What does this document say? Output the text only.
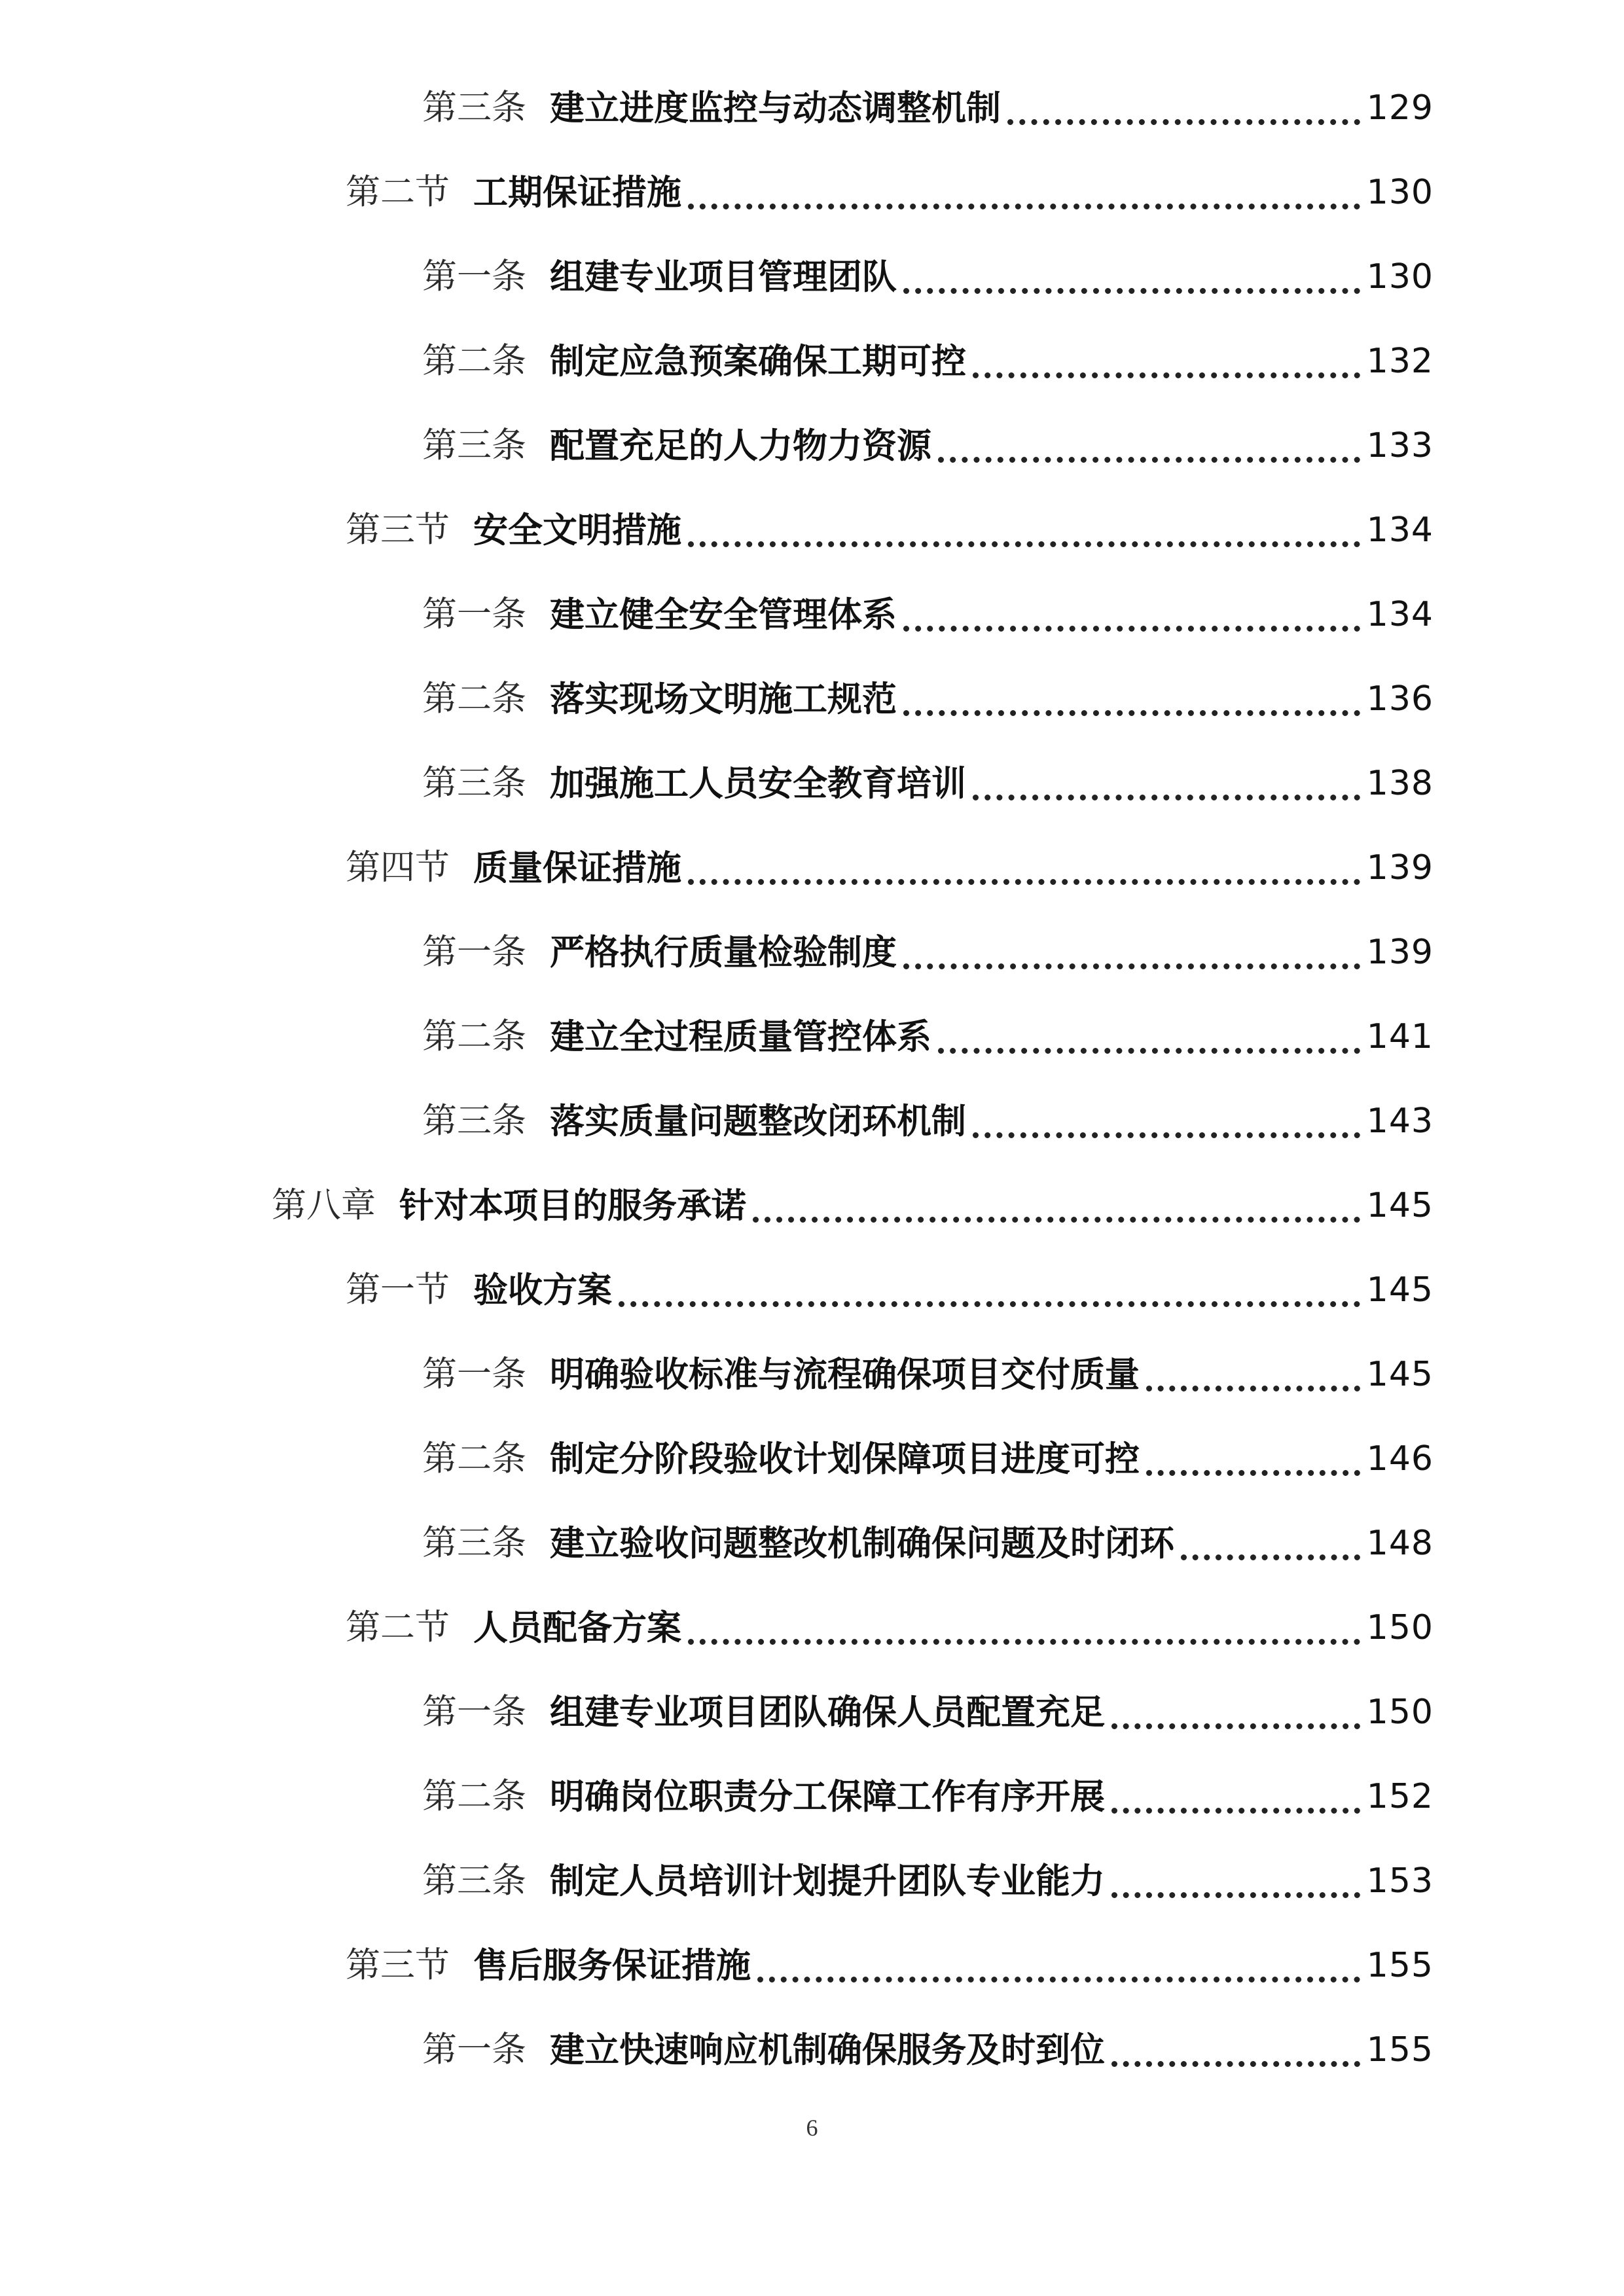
第三条 建立进度监控与动态调整机制	129
第二节 工期保证措施	130
第一条 组建专业项目管理团队	130
第二条 制定应急预案确保工期可控	132
第三条 配置充足的人力物力资源	133
第三节 安全文明措施	134
第一条 建立健全安全管理体系	134
第二条 落实现场文明施工规范	136
第三条 加强施工人员安全教育培训	138
第四节 质量保证措施	139
第一条 严格执行质量检验制度	139
第二条 建立全过程质量管控体系	141
第三条 落实质量问题整改闭环机制	143
第八章 针对本项目的服务承诺	145
第一节 验收方案	145
第一条 明确验收标准与流程确保项目交付质量	145
第二条 制定分阶段验收计划保障项目进度可控	146
第三条 建立验收问题整改机制确保问题及时闭环	148
第二节 人员配备方案	150
第一条 组建专业项目团队确保人员配置充足	150
第二条 明确岗位职责分工保障工作有序开展	152
第三条 制定人员培训计划提升团队专业能力	153
第三节 售后服务保证措施	155
第一条 建立快速响应机制确保服务及时到位	155
6
